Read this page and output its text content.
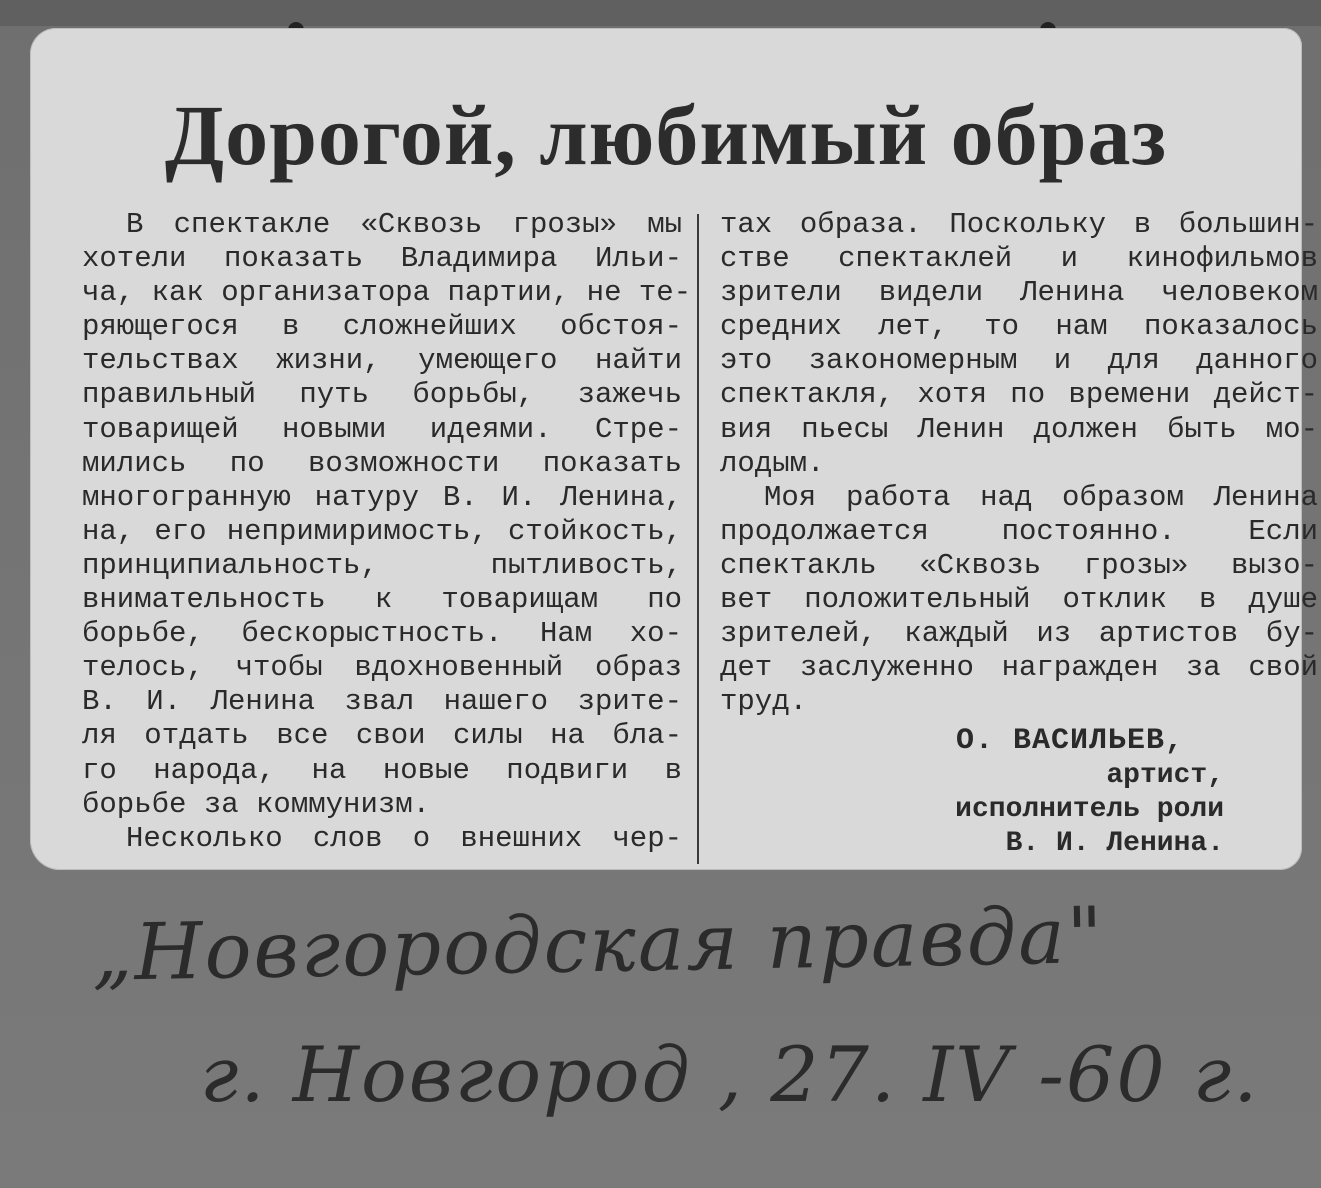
Дорогой, любимый образ
В спектакле «Сквозь грозы» мы
хотели показать Владимира Ильи-
ча, как организатора партии, не те-
ряющегося в сложнейших обстоя-
тельствах жизни, умеющего найти
правильный путь борьбы, зажечь
товарищей новыми идеями. Стре-
мились по возможности показать
многогранную натуру В. И. Ленина,
на, его непримиримость, стойкость,
принципиальность, пытливость,
внимательность к товарищам по
борьбе, бескорыстность. Нам хо-
телось, чтобы вдохновенный образ
В. И. Ленина звал нашего зрите-
ля отдать все свои силы на бла-
го народа, на новые подвиги в
борьбе за коммунизм.
Несколько слов о внешних чер-
тах образа. Поскольку в большин-
стве спектаклей и кинофильмов
зрители видели Ленина человеком
средних лет, то нам показалось
это закономерным и для данного
спектакля, хотя по времени дейст-
вия пьесы Ленин должен быть мо-
лодым.
Моя работа над образом Ленина
продолжается постоянно. Если
спектакль «Сквозь грозы» вызо-
вет положительный отклик в душе
зрителей, каждый из артистов бу-
дет заслуженно награжден за свой
труд.
О. ВАСИЛЬЕВ,
артист,
исполнитель роли
В. И. Ленина.
„Новгородская правда"
г. Новгород , 27. IV -60 г.
